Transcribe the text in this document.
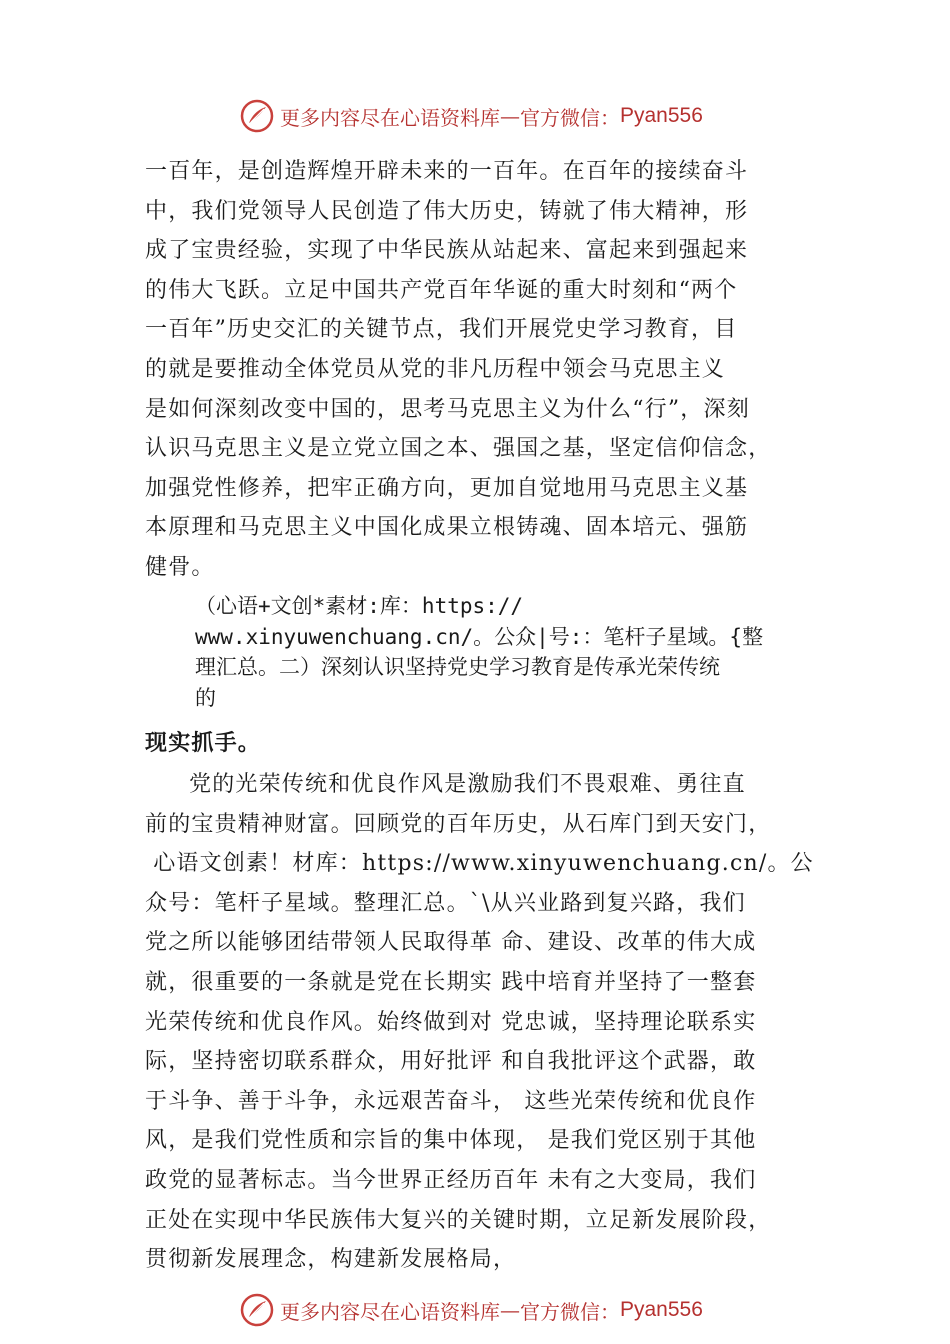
更多内容尽在心语资料库 — 官方微信： Pyan556
一百年，是创造辉煌开辟未来的一百年。在百年的接续奋斗
中，我们党领导人民创造了伟大历史，铸就了伟大精神，形
成了宝贵经验，实现了中华民族从站起来、富起来到强起来
的伟大飞跃。立足中国共产党百年华诞的重大时刻和“两个
一百年”历史交汇的关键节点，我们开展党史学习教育，目
的就是要推动全体党员从党的非凡历程中领会马克思主义
是如何深刻改变中国的，思考马克思主义为什么“行”，深刻
认识马克思主义是立党立国之本、强国之基，坚定信仰信念，
加强党性修养，把牢正确方向，更加自觉地用马克思主义基
本原理和马克思主义中国化成果立根铸魂、固本培元、强筋
健骨。
（心语+文创*素材:库：https://
www.xinyuwenchuang.cn/。公众|号:：笔杆子星域。{整
理汇总。二）深刻认识坚持党史学习教育是传承光荣传统
的
现实抓手。
党的光荣传统和优良作风是激励我们不畏艰难、勇往直
前的宝贵精神财富。回顾党的百年历史，从石库门到天安门，
心语文创素！材库：https://www.xinyuwenchuang.cn/。公
众号：笔杆子星域。整理汇总。`\从兴业路到复兴路，我们
党之所以能够团结带领人民取得革 命、建设、改革的伟大成
就，很重要的一条就是党在长期实 践中培育并坚持了一整套
光荣传统和优良作风。始终做到对 党忠诚，坚持理论联系实
际，坚持密切联系群众，用好批评 和自我批评这个武器，敢
于斗争、善于斗争，永远艰苦奋斗， 这些光荣传统和优良作
风，是我们党性质和宗旨的集中体现， 是我们党区别于其他
政党的显著标志。当今世界正经历百年 未有之大变局，我们
正处在实现中华民族伟大复兴的关键时期，立足新发展阶段，
贯彻新发展理念，构建新发展格局，
更多内容尽在心语资料库 — 官方微信： Pyan556
